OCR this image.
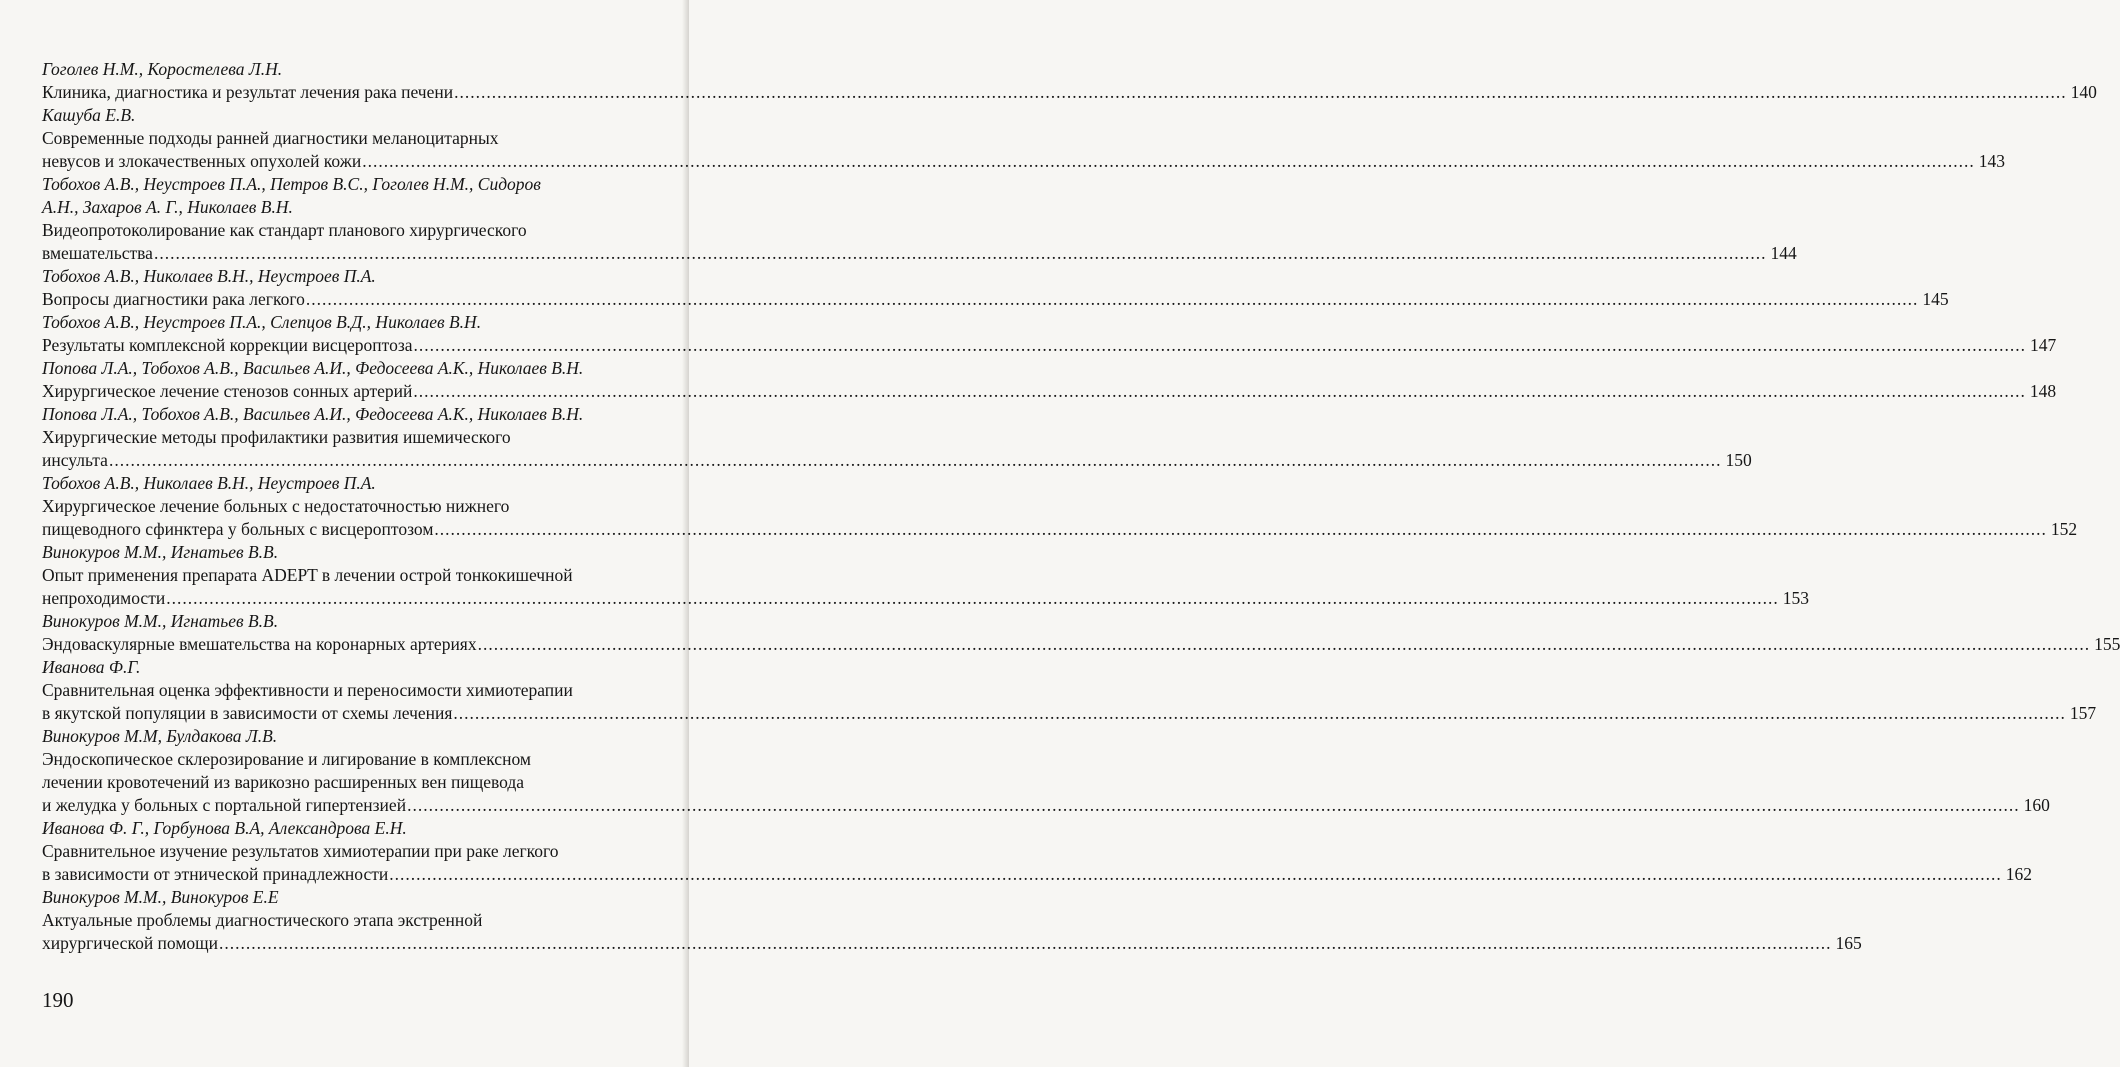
Гоголев Н.М., Коростелева Л.Н.
Клиника, диагностика и результат лечения рака печени ............................................................................................................................................................................................................................................................................................................ 140
Кашуба Е.В.
Современные подходы ранней диагностики меланоцитарных
невусов и злокачественных опухолей кожи ............................................................................................................................................................................................................................................................................................................ 143
Тобохов А.В., Неустроев П.А., Петров В.С., Гоголев Н.М., Сидоров
А.Н., Захаров А. Г., Николаев В.Н.
Видеопротоколирование как стандарт планового хирургического
вмешательства ............................................................................................................................................................................................................................................................................................................ 144
Тобохов А.В., Николаев В.Н., Неустроев П.А.
Вопросы диагностики рака легкого ............................................................................................................................................................................................................................................................................................................ 145
Тобохов А.В., Неустроев П.А., Слепцов В.Д., Николаев В.Н.
Результаты комплексной коррекции висцероптоза ............................................................................................................................................................................................................................................................................................................ 147
Попова Л.А., Тобохов А.В., Васильев А.И., Федосеева А.К., Николаев В.Н.
Хирургическое лечение стенозов сонных артерий ............................................................................................................................................................................................................................................................................................................ 148
Попова Л.А., Тобохов А.В., Васильев А.И., Федосеева А.К., Николаев В.Н.
Хирургические методы профилактики развития ишемического
инсульта ............................................................................................................................................................................................................................................................................................................ 150
Тобохов А.В., Николаев В.Н., Неустроев П.А.
Хирургическое лечение больных с недостаточностью нижнего
пищеводного сфинктера у больных с висцероптозом ............................................................................................................................................................................................................................................................................................................ 152
Винокуров М.М., Игнатьев В.В.
Опыт применения препарата ADEPT в лечении острой тонкокишечной
непроходимости ............................................................................................................................................................................................................................................................................................................ 153
Винокуров М.М., Игнатьев В.В.
Эндоваскулярные вмешательства на коронарных артериях ............................................................................................................................................................................................................................................................................................................ 155
Иванова Ф.Г.
Сравнительная оценка эффективности и переносимости химиотерапии
в якутской популяции в зависимости от схемы лечения ............................................................................................................................................................................................................................................................................................................ 157
Винокуров М.М, Булдакова Л.В.
Эндоскопическое склерозирование и лигирование в комплексном
лечении кровотечений из варикозно расширенных вен пищевода
и желудка у больных с портальной гипертензией ............................................................................................................................................................................................................................................................................................................ 160
Иванова Ф. Г., Горбунова В.А, Александрова Е.Н.
Сравнительное изучение результатов химиотерапии при раке легкого
в зависимости от этнической принадлежности ............................................................................................................................................................................................................................................................................................................ 162
Винокуров М.М., Винокуров Е.Е
Актуальные проблемы диагностического этапа экстренной
хирургической помощи ............................................................................................................................................................................................................................................................................................................ 165
190
